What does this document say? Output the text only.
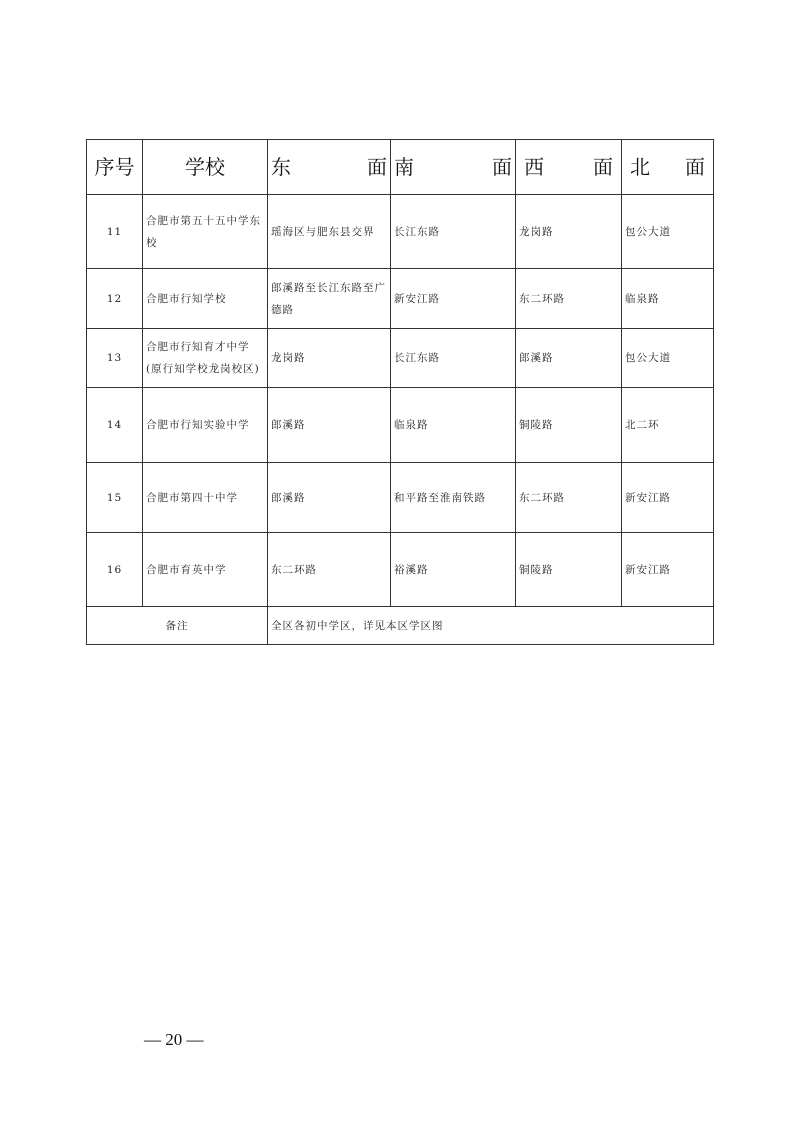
序号	学校	东　面	南　面	西　面	北　面
11	合肥市第五十五中学东校	瑶海区与肥东县交界	长江东路	龙岗路	包公大道
12	合肥市行知学校	郎溪路至长江东路至广德路	新安江路	东二环路	临泉路
13	合肥市行知育才中学(原行知学校龙岗校区)	龙岗路	长江东路	郎溪路	包公大道
14	合肥市行知实验中学	郎溪路	临泉路	铜陵路	北二环
15	合肥市第四十中学	郎溪路	和平路至淮南铁路	东二环路	新安江路
16	合肥市育英中学	东二环路	裕溪路	铜陵路	新安江路
备注		全区各初中学区，详见本区学区图			
— 20 —
